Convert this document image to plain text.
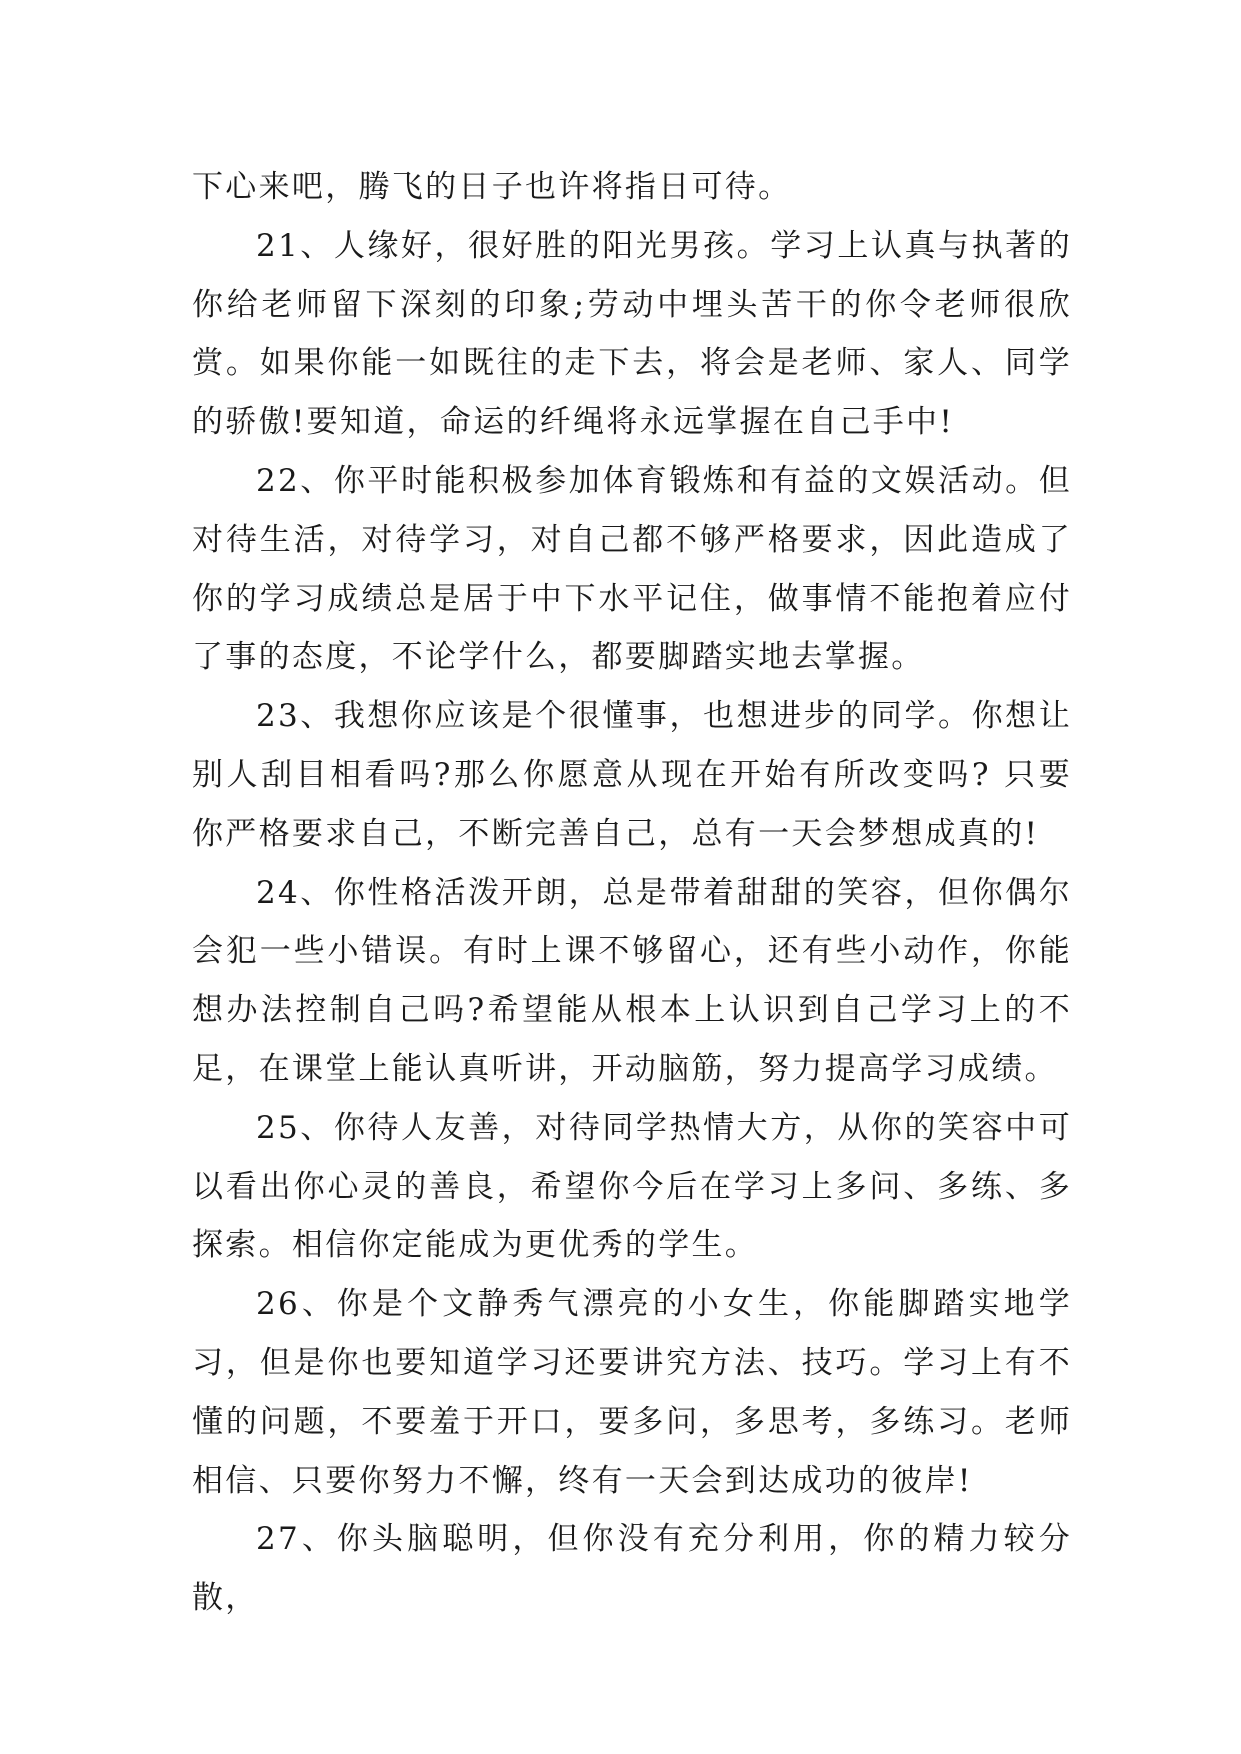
下心来吧，腾飞的日子也许将指日可待。

21、人缘好，很好胜的阳光男孩。学习上认真与执著的你给老师留下深刻的印象;劳动中埋头苦干的你令老师很欣赏。如果你能一如既往的走下去，将会是老师、家人、同学的骄傲!要知道，命运的纤绳将永远掌握在自己手中!

22、你平时能积极参加体育锻炼和有益的文娱活动。但对待生活，对待学习，对自己都不够严格要求，因此造成了你的学习成绩总是居于中下水平记住，做事情不能抱着应付了事的态度，不论学什么，都要脚踏实地去掌握。

23、我想你应该是个很懂事，也想进步的同学。你想让别人刮目相看吗?那么你愿意从现在开始有所改变吗? 只要你严格要求自己，不断完善自己，总有一天会梦想成真的!

24、你性格活泼开朗，总是带着甜甜的笑容，但你偶尔会犯一些小错误。有时上课不够留心，还有些小动作，你能想办法控制自己吗?希望能从根本上认识到自己学习上的不足，在课堂上能认真听讲，开动脑筋，努力提高学习成绩。

25、你待人友善，对待同学热情大方，从你的笑容中可以看出你心灵的善良，希望你今后在学习上多问、多练、多探索。相信你定能成为更优秀的学生。

26、你是个文静秀气漂亮的小女生，你能脚踏实地学习，但是你也要知道学习还要讲究方法、技巧。学习上有不懂的问题，不要羞于开口，要多问，多思考，多练习。老师相信、只要你努力不懈，终有一天会到达成功的彼岸!

27、你头脑聪明，但你没有充分利用，你的精力较分散，
